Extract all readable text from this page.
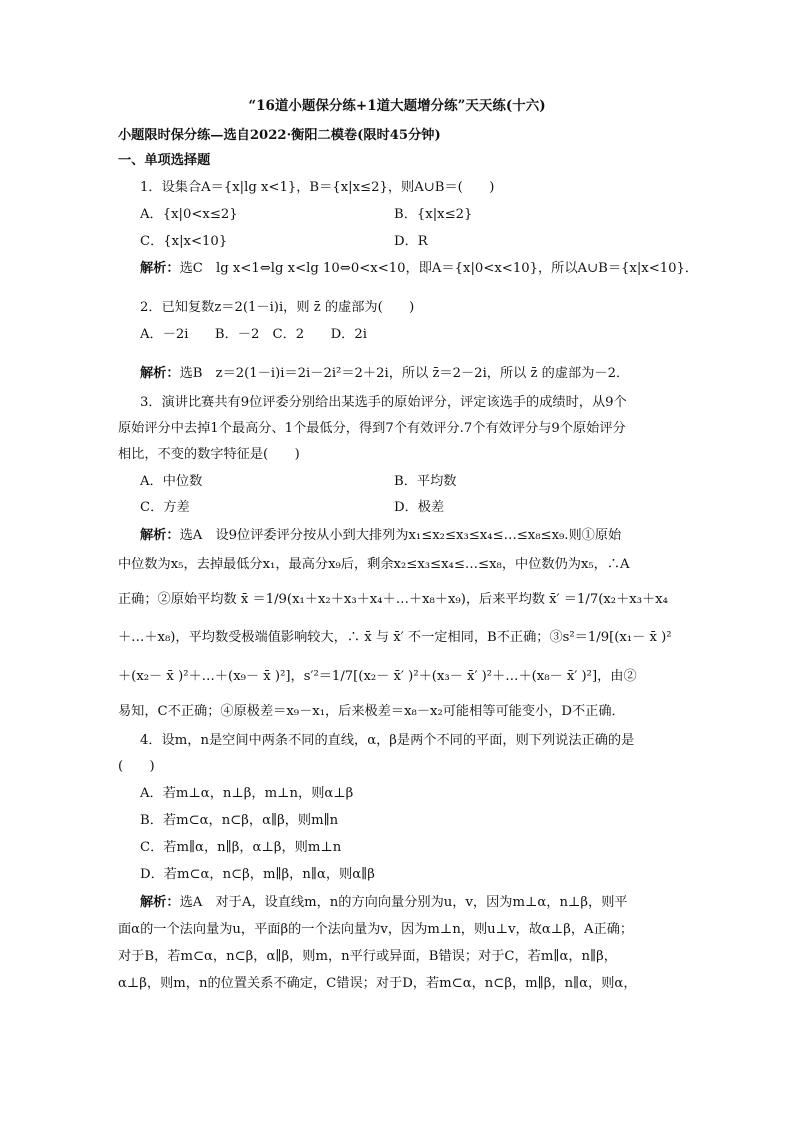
“16道小题保分练+1道大题增分练”天天练(十六)
小题限时保分练—选自2022·衡阳二模卷(限时45分钟)
一、单项选择题
1．设集合A＝{x|lg x<1}，B＝{x|x≤2}，则A∪B＝(　　)
A．{x|0<x≤2}	B．{x|x≤2}
C．{x|x<10}	D．R
解析：选C　lg x<1⇔lg x<lg 10⇔0<x<10，即A＝{x|0<x<10}，所以A∪B＝{x|x<10}．
2．已知复数z＝2(1－i)i，则 z̄ 的虚部为(　　)
A．－2i　　B．－2　C．2　　D．2i
解析：选B　z＝2(1－i)i＝2i－2i²＝2＋2i，所以 z̄＝2－2i，所以 z̄ 的虚部为－2．
3．演讲比赛共有9位评委分别给出某选手的原始评分，评定该选手的成绩时，从9个
原始评分中去掉1个最高分、1个最低分，得到7个有效评分.7个有效评分与9个原始评分
相比，不变的数字特征是(　　)
A．中位数	B．平均数
C．方差	D．极差
解析：选A　设9位评委评分按从小到大排列为x₁≤x₂≤x₃≤x₄≤…≤x₈≤x₉.则①原始
中位数为x₅，去掉最低分x₁，最高分x₉后，剩余x₂≤x₃≤x₄≤…≤x₈，中位数仍为x₅，∴A
正确；②原始平均数 x̄ ＝1/9(x₁＋x₂＋x₃＋x₄＋…＋x₈＋x₉)，后来平均数 x̄′ ＝1/7(x₂＋x₃＋x₄
＋…＋x₈)，平均数受极端值影响较大，∴ x̄ 与 x̄′ 不一定相同，B不正确；③s²＝1/9[(x₁－ x̄ )²
＋(x₂－ x̄ )²＋…＋(x₉－ x̄ )²]，s′²＝1/7[(x₂－ x̄′ )²＋(x₃－ x̄′ )²＋…＋(x₈－ x̄′ )²]，由②
易知，C不正确；④原极差＝x₉－x₁，后来极差＝x₈－x₂可能相等可能变小，D不正确．
4．设m，n是空间中两条不同的直线，α，β是两个不同的平面，则下列说法正确的是
(　　)
A．若m⊥α，n⊥β，m⊥n，则α⊥β
B．若m⊂α，n⊂β，α∥β，则m∥n
C．若m∥α，n∥β，α⊥β，则m⊥n
D．若m⊂α，n⊂β，m∥β，n∥α，则α∥β
解析：选A　对于A，设直线m，n的方向向量分别为u，v，因为m⊥α，n⊥β，则平
面α的一个法向量为u，平面β的一个法向量为v，因为m⊥n，则u⊥v，故α⊥β，A正确；
对于B，若m⊂α，n⊂β，α∥β，则m，n平行或异面，B错误；对于C，若m∥α，n∥β，
α⊥β，则m，n的位置关系不确定，C错误；对于D，若m⊂α，n⊂β，m∥β，n∥α，则α，
